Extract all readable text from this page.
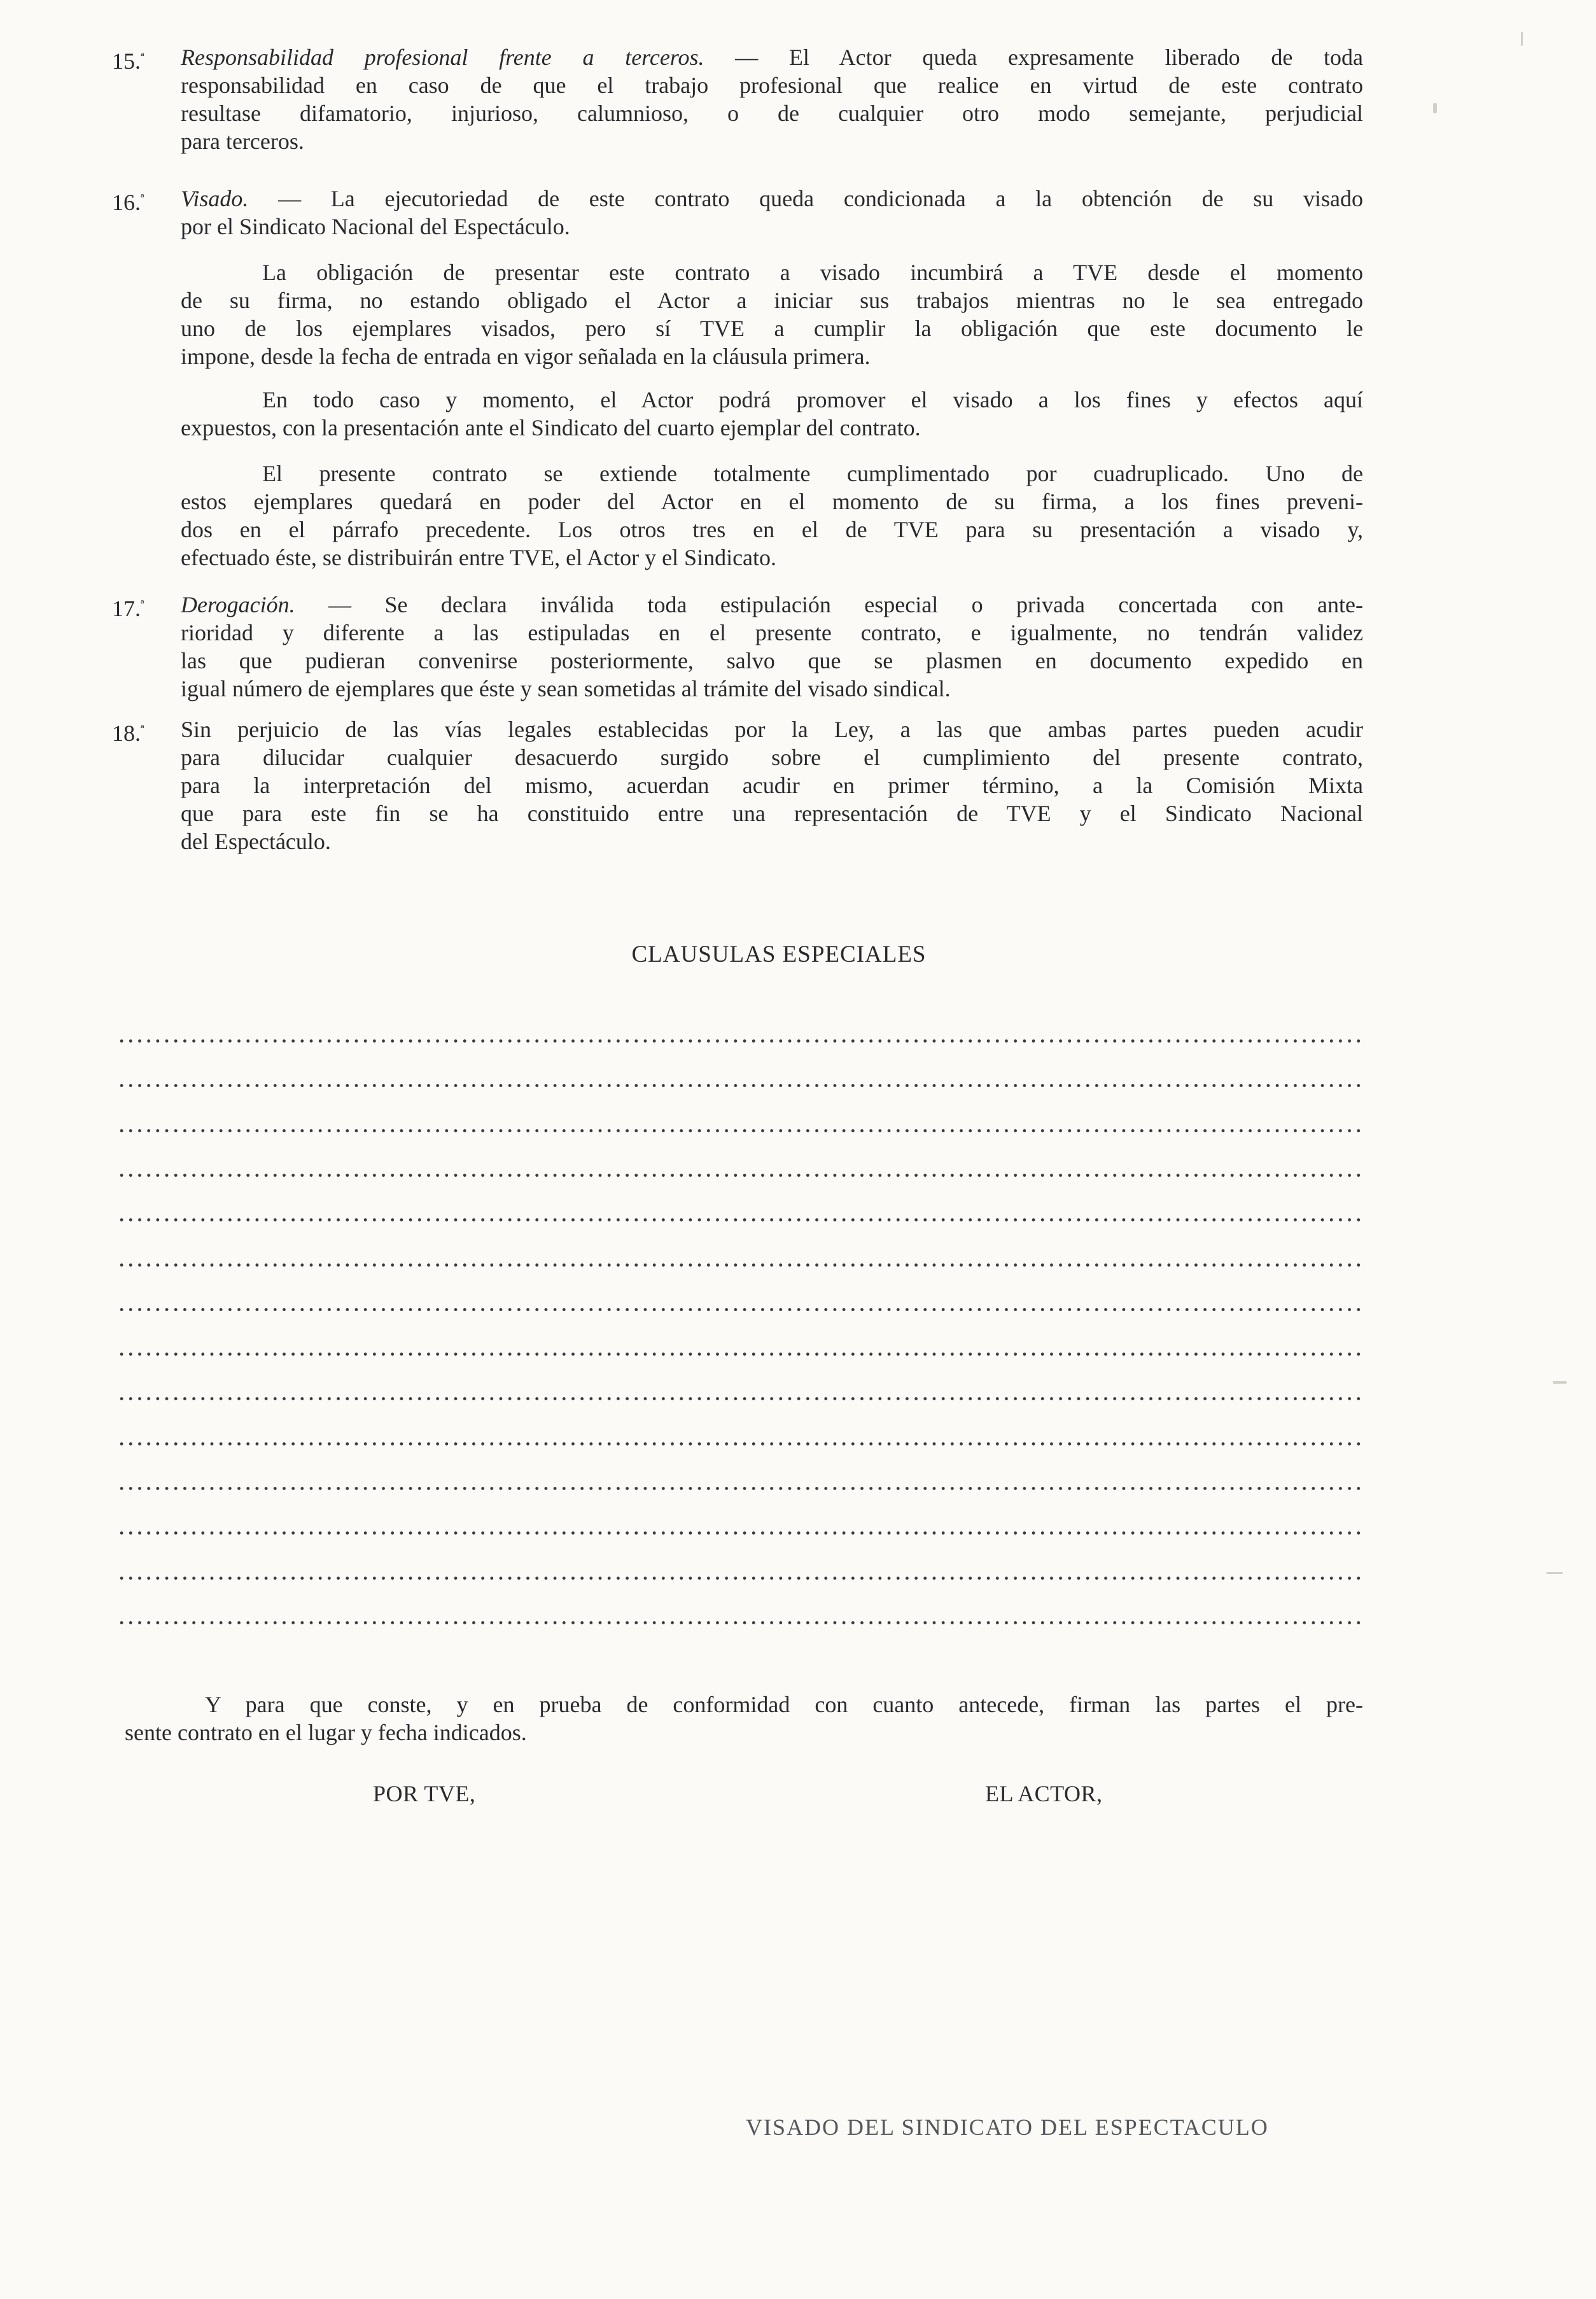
15.$^ª$ Responsabilidad profesional frente a terceros. — El Actor queda expresamente liberado de toda
responsabilidad en caso de que el trabajo profesional que realice en virtud de este contrato
resultase difamatorio, injurioso, calumnioso, o de cualquier otro modo semejante, perjudicial
para terceros.
16.$^ª$ Visado. — La ejecutoriedad de este contrato queda condicionada a la obtención de su visado
por el Sindicato Nacional del Espectáculo.
La obligación de presentar este contrato a visado incumbirá a TVE desde el momento
de su firma, no estando obligado el Actor a iniciar sus trabajos mientras no le sea entregado
uno de los ejemplares visados, pero sí TVE a cumplir la obligación que este documento le
impone, desde la fecha de entrada en vigor señalada en la cláusula primera.
En todo caso y momento, el Actor podrá promover el visado a los fines y efectos aquí
expuestos, con la presentación ante el Sindicato del cuarto ejemplar del contrato.
El presente contrato se extiende totalmente cumplimentado por cuadruplicado. Uno de
estos ejemplares quedará en poder del Actor en el momento de su firma, a los fines preveni-
dos en el párrafo precedente. Los otros tres en el de TVE para su presentación a visado y,
efectuado éste, se distribuirán entre TVE, el Actor y el Sindicato.
17.$^ª$ Derogación. — Se declara inválida toda estipulación especial o privada concertada con ante-
rioridad y diferente a las estipuladas en el presente contrato, e igualmente, no tendrán validez
las que pudieran convenirse posteriormente, salvo que se plasmen en documento expedido en
igual número de ejemplares que éste y sean sometidas al trámite del visado sindical.
18.$^ª$ Sin perjuicio de las vías legales establecidas por la Ley, a las que ambas partes pueden acudir
para dilucidar cualquier desacuerdo surgido sobre el cumplimiento del presente contrato,
para la interpretación del mismo, acuerdan acudir en primer término, a la Comisión Mixta
que para este fin se ha constituido entre una representación de TVE y el Sindicato Nacional
del Espectáculo.
CLAUSULAS ESPECIALES
Y para que conste, y en prueba de conformidad con cuanto antecede, firman las partes el pre-
sente contrato en el lugar y fecha indicados.
POR TVE,	EL ACTOR,
VISADO DEL SINDICATO DEL ESPECTACULO
